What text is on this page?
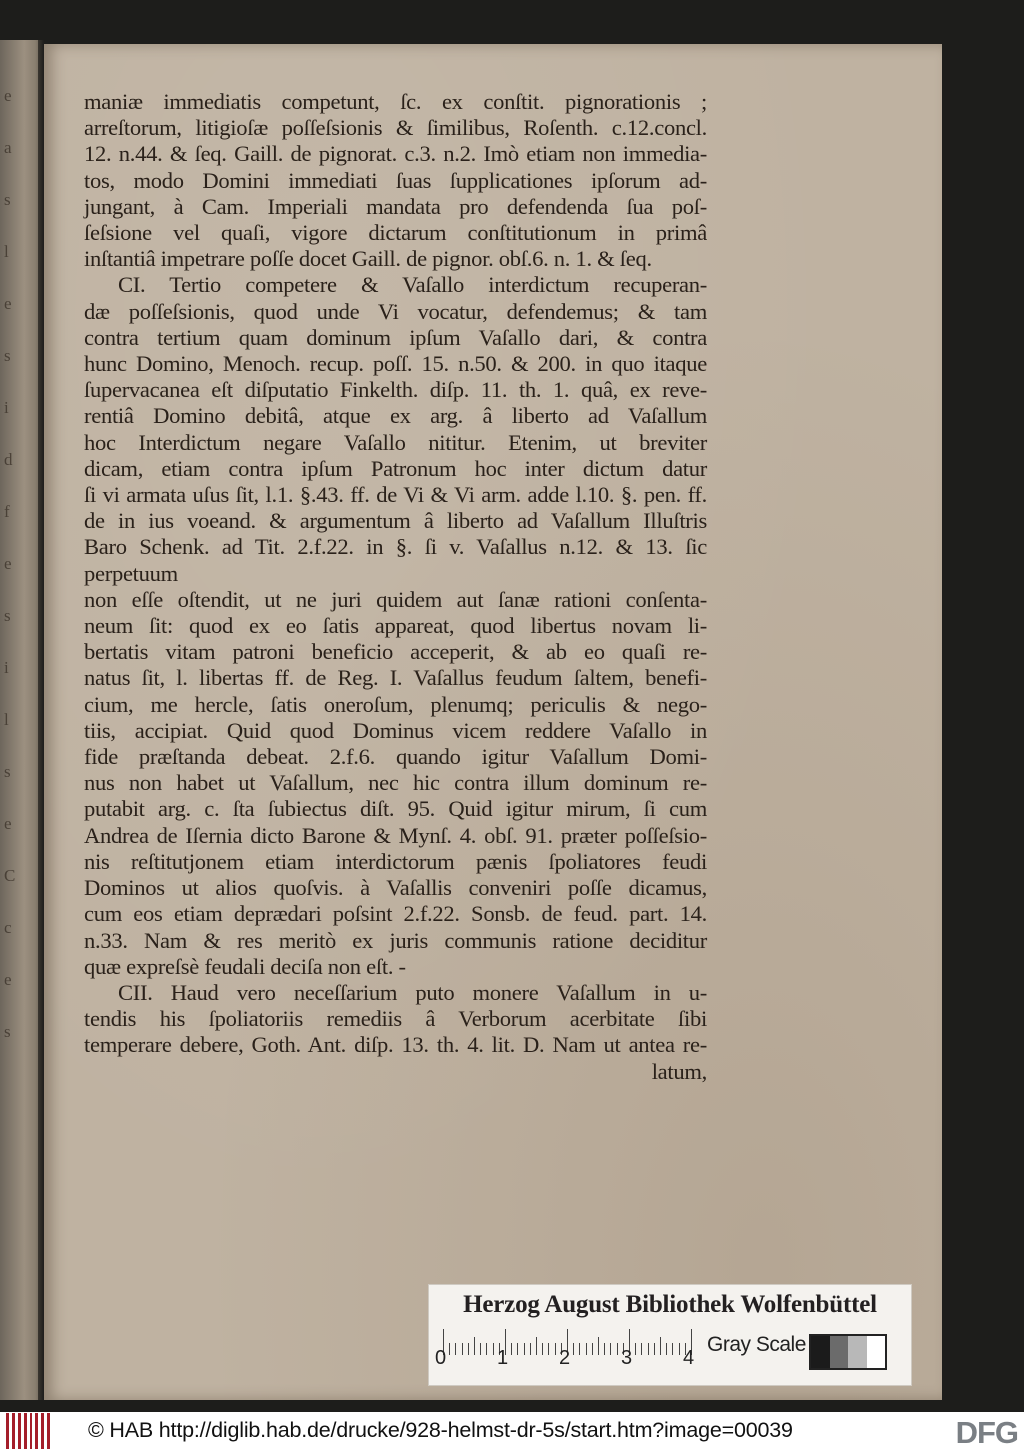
e
a
s
l
e
s
i
d
f
e
s
i
l
s
e
C
c
e
s

maniæ immediatis competunt, ſc. ex conſtit. pignorationis ;

arreſtorum, litigioſæ poſſeſsionis & ſimilibus, Roſenth. c.12.concl.

12. n.44. & ſeq. Gaill. de pignorat. c.3. n.2. Imò etiam non immedia-

tos, modo Domini immediati ſuas ſupplicationes ipſorum ad-

jungant, à Cam. Imperiali mandata pro defendenda ſua poſ-

ſeſsione vel quaſi, vigore dictarum conſtitutionum in primâ

inſtantiâ impetrare poſſe docet Gaill. de pignor. obſ.6. n. 1. & ſeq.

CI. Tertio competere & Vaſallo interdictum recuperan-

dæ poſſeſsionis, quod unde Vi vocatur, defendemus; & tam

contra tertium quam dominum ipſum Vaſallo dari, & contra

hunc Domino, Menoch. recup. poſſ. 15. n.50. & 200. in quo itaque

ſupervacanea eſt diſputatio Finkelth. diſp. 11. th. 1. quâ, ex reve-

rentiâ Domino debitâ, atque ex arg. â liberto ad Vaſallum

hoc Interdictum negare Vaſallo nititur. Etenim, ut breviter

dicam, etiam contra ipſum Patronum hoc inter dictum datur

ſi vi armata uſus ſit, l.1. §.43. ff. de Vi & Vi arm. adde l.10. §. pen. ff.

de in ius voeand. & argumentum â liberto ad Vaſallum Illuſtris

Baro Schenk. ad Tit. 2.f.22. in §. ſi v. Vaſallus n.12. & 13. ſic perpetuum

non eſſe oſtendit, ut ne juri quidem aut ſanæ rationi conſenta-

neum ſit: quod ex eo ſatis appareat, quod libertus novam li-

bertatis vitam patroni beneficio acceperit, & ab eo quaſi re-

natus ſit, l. libertas ff. de Reg. I. Vaſallus feudum ſaltem, benefi-

cium, me hercle, ſatis oneroſum, plenumq; periculis & nego-

tiis, accipiat. Quid quod Dominus vicem reddere Vaſallo in

fide præſtanda debeat. 2.f.6. quando igitur Vaſallum Domi-

nus non habet ut Vaſallum, nec hic contra illum dominum re-

putabit arg. c. ſta ſubiectus diſt. 95. Quid igitur mirum, ſi cum

Andrea de Iſernia dicto Barone & Mynſ. 4. obſ. 91. præter poſſeſsio-

nis reſtitutjonem etiam interdictorum pænis ſpoliatores feudi

Dominos ut alios quoſvis. à Vaſallis conveniri poſſe dicamus,

cum eos etiam deprædari poſsint 2.f.22. Sonsb. de feud. part. 14.

n.33. Nam & res meritò ex juris communis ratione deciditur

quæ expreſsè feudali deciſa non eſt. -

CII. Haud vero neceſſarium puto monere Vaſallum in u-

tendis his ſpoliatoriis remediis â Verborum acerbitate ſibi

temperare debere, Goth. Ant. diſp. 13. th. 4. lit. D. Nam ut antea re-

latum,

Herzog August Bibliothek Wolfenbüttel
0	1	2	3	4
Gray Scale
© HAB http://diglib.hab.de/drucke/928-helmst-dr-5s/start.htm?image=00039	DFG
